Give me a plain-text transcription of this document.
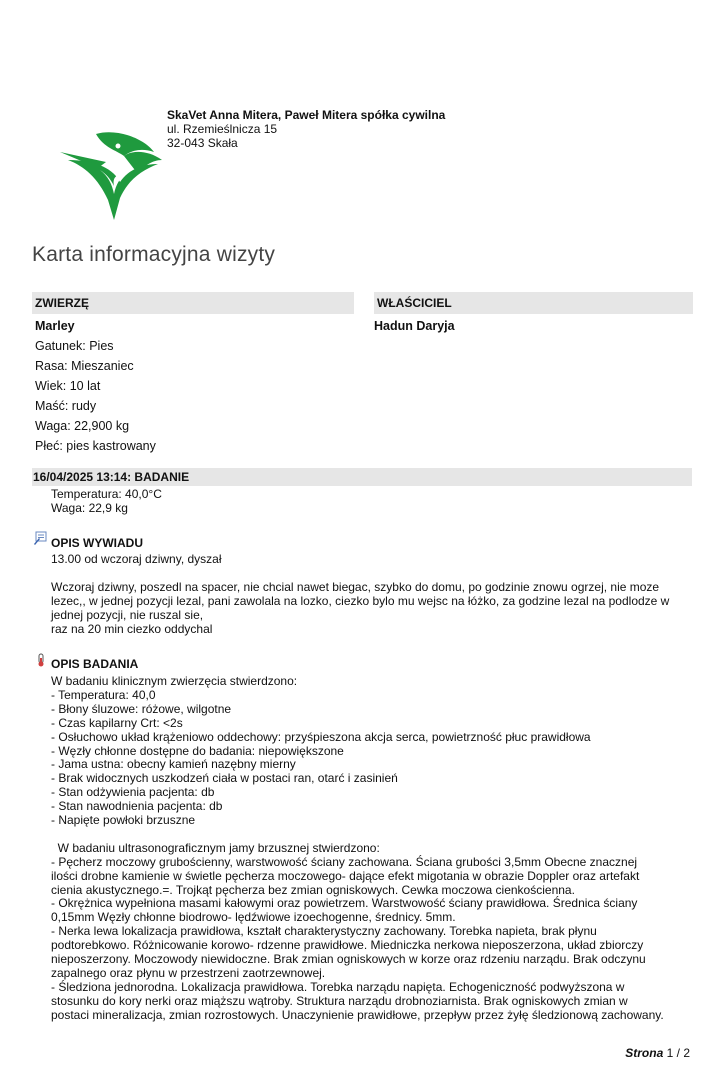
SkaVet Anna Mitera, Paweł Mitera spółka cywilna
ul. Rzemieślnicza 15
32-043 Skała
Karta informacyjna wizyty
ZWIERZĘ
Marley
Gatunek: Pies
Rasa: Mieszaniec
Wiek: 10 lat
Maść: rudy
Waga: 22,900 kg
Płeć: pies kastrowany
WŁAŚCICIEL
Hadun Daryja
16/04/2025 13:14: BADANIE
Temperatura: 40,0°C
Waga: 22,9 kg
OPIS WYWIADU
13.00 od wczoraj dziwny, dyszał
Wczoraj dziwny, poszedl na spacer, nie chcial nawet biegac, szybko do domu, po godzinie znowu ogrzej, nie moze
lezec,, w jednej pozycji lezal, pani zawolala na lozko, ciezko bylo mu wejsc na łóżko, za godzine lezal na podlodze w
jednej pozycji, nie ruszal sie,
raz na 20 min ciezko oddychal
OPIS BADANIA
W badaniu klinicznym zwierzęcia stwierdzono:
- Temperatura: 40,0
- Błony śluzowe: różowe, wilgotne
- Czas kapilarny Crt: <2s
- Osłuchowo układ krążeniowo oddechowy: przyśpieszona akcja serca, powietrzność płuc prawidłowa
- Węzły chłonne dostępne do badania: niepowiększone
- Jama ustna: obecny kamień nazębny mierny
- Brak widocznych uszkodzeń ciała w postaci ran, otarć i zasinień
- Stan odżywienia pacjenta: db
- Stan nawodnienia pacjenta: db
- Napięte powłoki brzuszne
W badaniu ultrasonograficznym jamy brzusznej stwierdzono:
- Pęcherz moczowy grubościenny, warstwowość ściany zachowana. Ściana grubości 3,5mm Obecne znacznej
ilości drobne kamienie w świetle pęcherza moczowego- dające efekt migotania w obrazie Doppler oraz artefakt
cienia akustycznego.=. Trojkąt pęcherza bez zmian ogniskowych. Cewka moczowa cienkościenna.
- Okrężnica wypełniona masami kałowymi oraz powietrzem. Warstwowość ściany prawidłowa. Średnica ściany
0,15mm Węzły chłonne biodrowo- lędźwiowe izoechogenne, średnicy. 5mm.
- Nerka lewa lokalizacja prawidłowa, kształt charakterystyczny zachowany. Torebka napieta, brak płynu
podtorebkowo. Różnicowanie korowo- rdzenne prawidłowe. Miedniczka nerkowa nieposzerzona, układ zbiorczy
nieposzerzony. Moczowody niewidoczne. Brak zmian ogniskowych w korze oraz rdzeniu narządu. Brak odczynu
zapalnego oraz płynu w przestrzeni zaotrzewnowej.
- Śledziona jednorodna. Lokalizacja prawidłowa. Torebka narządu napięta. Echogeniczność podwyższona w
stosunku do kory nerki oraz miąższu wątroby. Struktura narządu drobnoziarnista. Brak ogniskowych zmian w
postaci mineralizacja, zmian rozrostowych. Unaczynienie prawidłowe, przepływ przez żyłę śledzionową zachowany.
Strona 1 / 2
